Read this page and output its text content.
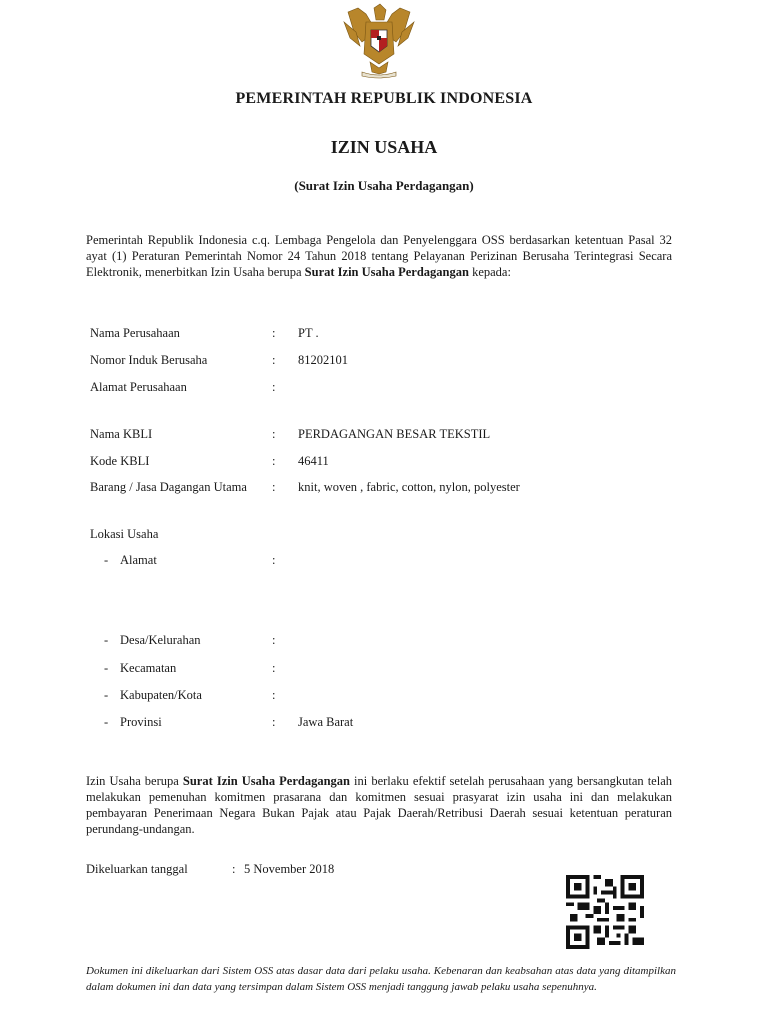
PEMERINTAH REPUBLIK INDONESIA
IZIN USAHA
(Surat Izin Usaha Perdagangan)
Pemerintah Republik Indonesia c.q. Lembaga Pengelola dan Penyelenggara OSS berdasarkan ketentuan Pasal 32 ayat (1) Peraturan Pemerintah Nomor 24 Tahun 2018 tentang Pelayanan Perizinan Berusaha Terintegrasi Secara Elektronik, menerbitkan Izin Usaha berupa Surat Izin Usaha Perdagangan kepada:
Nama Perusahaan	: PT .
Nomor Induk Berusaha	: 81202101
Alamat Perusahaan	:
Nama KBLI	: PERDAGANGAN BESAR TEKSTIL
Kode KBLI	: 46411
Barang / Jasa Dagangan Utama	: knit, woven , fabric, cotton, nylon, polyester
Lokasi Usaha
- Alamat	:
- Desa/Kelurahan	:
- Kecamatan	:
- Kabupaten/Kota	:
- Provinsi	: Jawa Barat
Izin Usaha berupa Surat Izin Usaha Perdagangan ini berlaku efektif setelah perusahaan yang bersangkutan telah melakukan pemenuhan komitmen prasarana dan komitmen sesuai prasyarat izin usaha ini dan melakukan pembayaran Penerimaan Negara Bukan Pajak atau Pajak Daerah/Retribusi Daerah sesuai ketentuan peraturan perundang-undangan.
Dikeluarkan tanggal	: 5 November 2018
Dokumen ini dikeluarkan dari Sistem OSS atas dasar data dari pelaku usaha. Kebenaran dan keabsahan atas data yang ditampilkan dalam dokumen ini dan data yang tersimpan dalam Sistem OSS menjadi tanggung jawab pelaku usaha sepenuhnya.
